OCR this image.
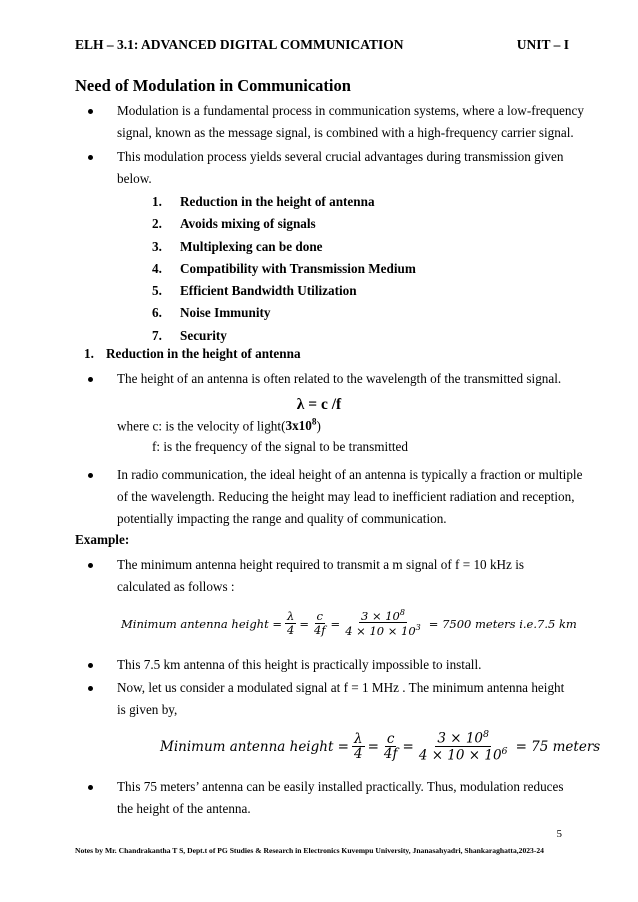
ELH – 3.1: ADVANCED DIGITAL COMMUNICATION	UNIT – I
Need of Modulation in Communication
Modulation is a fundamental process in communication systems, where a low-frequency
signal, known as the message signal, is combined with a high-frequency carrier signal.
This modulation process yields several crucial advantages during transmission given
below.
1. Reduction in the height of antenna
2. Avoids mixing of signals
3. Multiplexing can be done
4. Compatibility with Transmission Medium
5. Efficient Bandwidth Utilization
6. Noise Immunity
7. Security
1. Reduction in the height of antenna
The height of an antenna is often related to the wavelength of the transmitted signal.
λ = c /f
where c: is the velocity of $light(3x10^8)$
f: is the frequency of the signal to be transmitted
In radio communication, the ideal height of an antenna is typically a fraction or multiple
of the wavelength. Reducing the height may lead to inefficient radiation and reception,
potentially impacting the range and quality of communication.
Example:
The minimum antenna height required to transmit a m signal of f = 10 kHz is
calculated as follows :
Minimum antenna height = $\frac{\lambda}{4} = \frac{c}{4f} = \frac{3 \times 10^8}{4 \times 10 \times 10^3} = 7500$ meters i.e.7.5 km
This 7.5 km antenna of this height is practically impossible to install.
Now, let us consider a modulated signal at f = 1 MHz . The minimum antenna height
is given by,
Minimum antenna height = $\frac{\lambda}{4} = \frac{c}{4f} = \frac{3 \times 10^8}{4 \times 10 \times 10^6} = 75$ meters
This 75 meters’ antenna can be easily installed practically. Thus, modulation reduces
the height of the antenna.
5
Notes by Mr. Chandrakantha T S, Dept.t of PG Studies & Research in Electronics Kuvempu University, Jnanasahyadri, Shankaraghatta,2023-24
